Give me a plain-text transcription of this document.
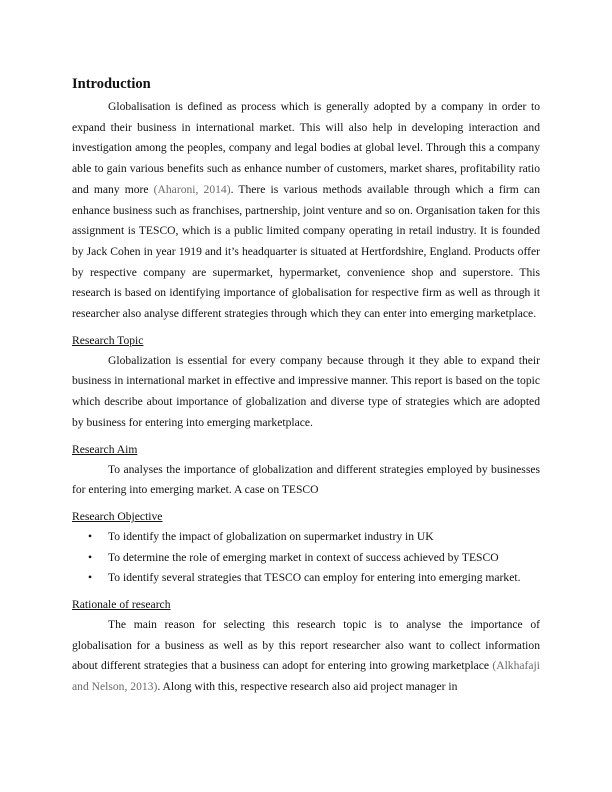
Introduction

Globalisation is defined as process which is generally adopted by a company in order to expand their business in international market. This will also help in developing interaction and investigation among the peoples, company and legal bodies at global level. Through this a company able to gain various benefits such as enhance number of customers, market shares, profitability ratio and many more (Aharoni, 2014). There is various methods available through which a firm can enhance business such as franchises, partnership, joint venture and so on. Organisation taken for this assignment is TESCO, which is a public limited company operating in retail industry. It is founded by Jack Cohen in year 1919 and it’s headquarter is situated at Hertfordshire, England. Products offer by respective company are supermarket, hypermarket, convenience shop and superstore. This research is based on identifying importance of globalisation for respective firm as well as through it researcher also analyse different strategies through which they can enter into emerging marketplace.

Research Topic

Globalization is essential for every company because through it they able to expand their business in international market in effective and impressive manner. This report is based on the topic which describe about importance of globalization and diverse type of strategies which are adopted by business for entering into emerging marketplace.

Research Aim

To analyses the importance of globalization and different strategies employed by businesses for entering into emerging market. A case on TESCO

Research Objective
• To identify the impact of globalization on supermarket industry in UK
• To determine the role of emerging market in context of success achieved by TESCO
• To identify several strategies that TESCO can employ for entering into emerging market.
Rationale of research

The main reason for selecting this research topic is to analyse the importance of globalisation for a business as well as by this report researcher also want to collect information about different strategies that a business can adopt for entering into growing marketplace (Alkhafaji and Nelson, 2013). Along with this, respective research also aid project manager in
